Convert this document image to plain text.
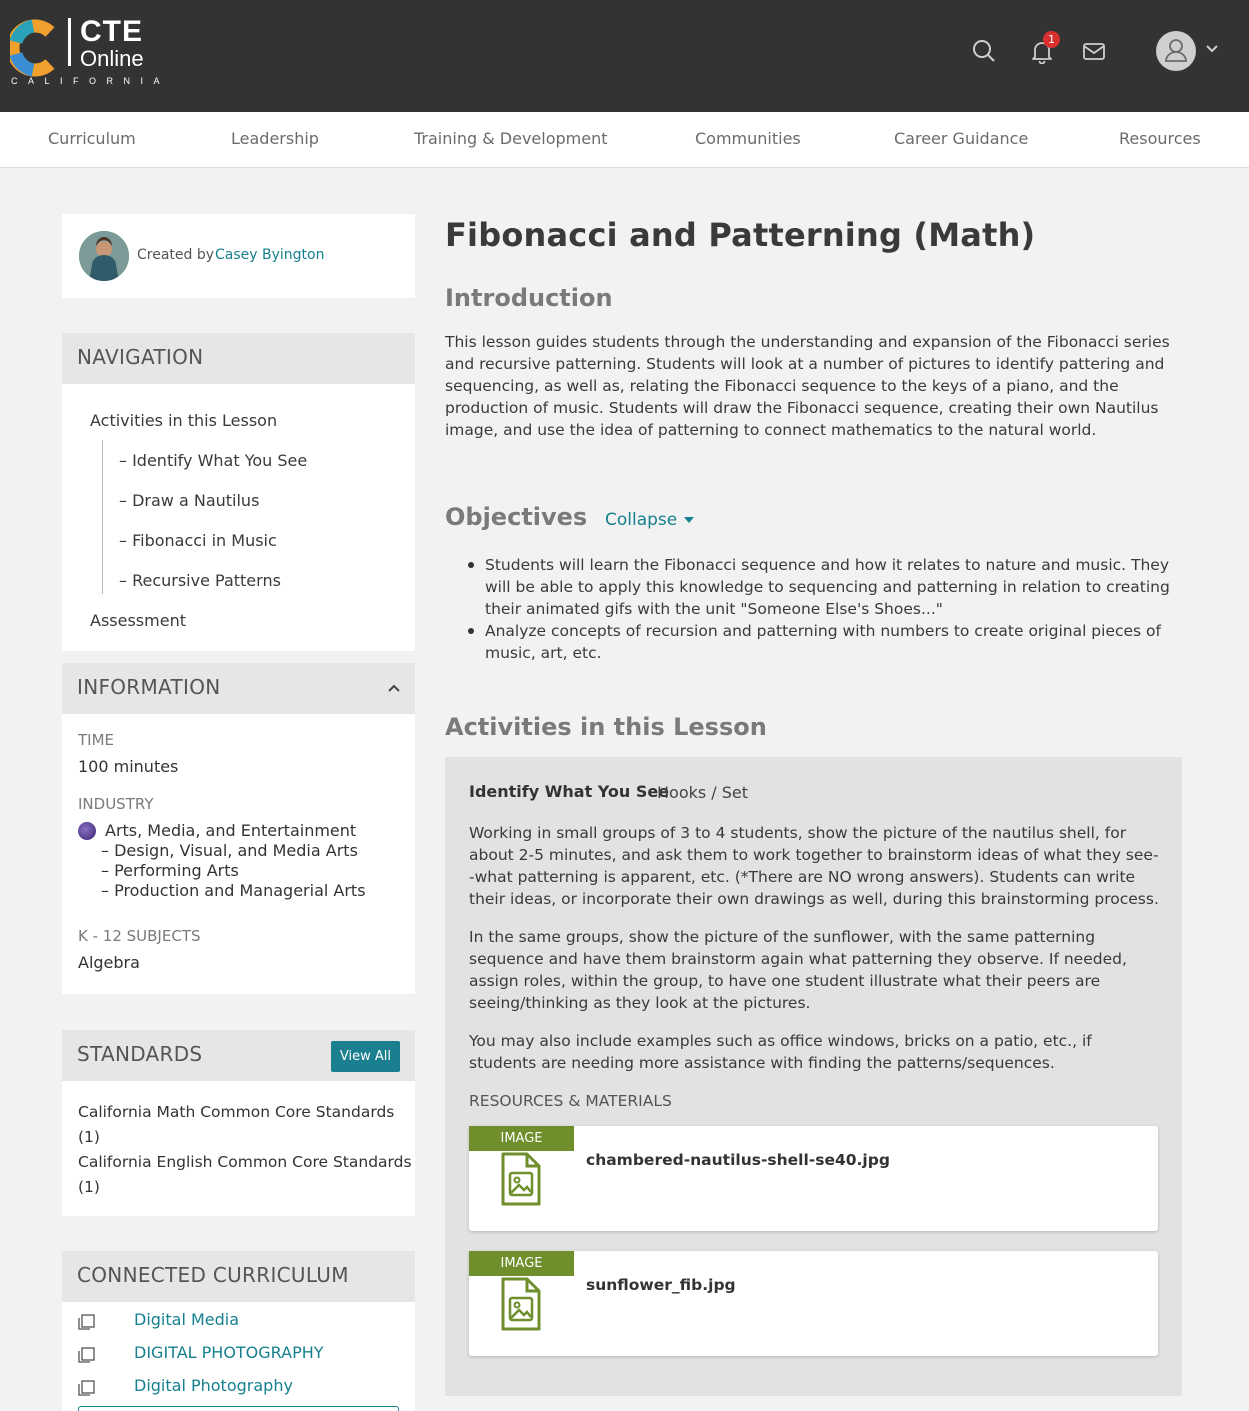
CTE
Online
CALIFORNIA
1
Curriculum	Leadership	Training & Development	Communities	Career Guidance	Resources
Created by Casey Byington
NAVIGATION
Activities in this Lesson
– Identify What You See
– Draw a Nautilus
– Fibonacci in Music
– Recursive Patterns
Assessment
INFORMATION
TIME
100 minutes
INDUSTRY
Arts, Media, and Entertainment
– Design, Visual, and Media Arts
– Performing Arts
– Production and Managerial Arts
K - 12 SUBJECTS
Algebra
STANDARDS	View All
California Math Common Core Standards
(1)
California English Common Core Standards
(1)
CONNECTED CURRICULUM
Digital Media
DIGITAL PHOTOGRAPHY
Digital Photography
Fibonacci and Patterning (Math)
Introduction

This lesson guides students through the understanding and expansion of the Fibonacci series and recursive patterning. Students will look at a number of pictures to identify pattering and sequencing, as well as, relating the Fibonacci sequence to the keys of a piano, and the production of music. Students will draw the Fibonacci sequence, creating their own Nautilus image, and use the idea of patterning to connect mathematics to the natural world.

Objectives Collapse
Students will learn the Fibonacci sequence and how it relates to nature and music. They will be able to apply this knowledge to sequencing and patterning in relation to creating their animated gifs with the unit "Someone Else's Shoes..."
Analyze concepts of recursion and patterning with numbers to create original pieces of music, art, etc.
Activities in this Lesson
Identify What You See
Hooks / Set

Working in small groups of 3 to 4 students, show the picture of the nautilus shell, for about 2-5 minutes, and ask them to work together to brainstorm ideas of what they see--what patterning is apparent, etc. (*There are NO wrong answers). Students can write their ideas, or incorporate their own drawings as well, during this brainstorming process.

In the same groups, show the picture of the sunflower, with the same patterning sequence and have them brainstorm again what patterning they observe. If needed, assign roles, within the group, to have one student illustrate what their peers are seeing/thinking as they look at the pictures.

You may also include examples such as office windows, bricks on a patio, etc., if students are needing more assistance with finding the patterns/sequences.

RESOURCES & MATERIALS
IMAGE
chambered-nautilus-shell-se40.jpg
IMAGE
sunflower_fib.jpg
